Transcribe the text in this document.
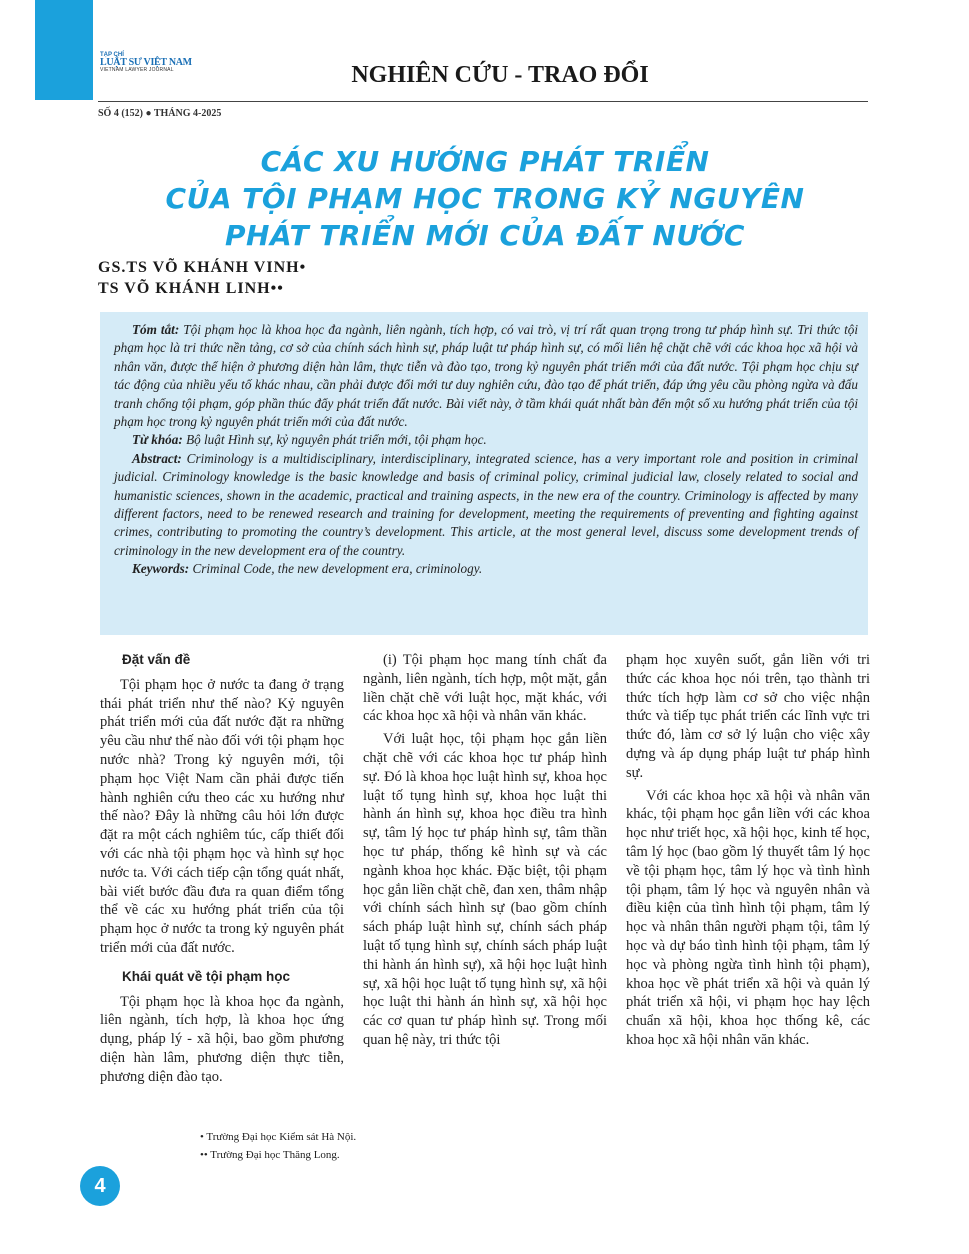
TẠP CHÍ
LUẬT SƯ VIỆT NAM
VIETNAM LAWYER JOURNAL	NGHIÊN CỨU - TRAO ĐỔI
SỐ 4 (152) ● THÁNG 4-2025
CÁC XU HƯỚNG PHÁT TRIỂN
CỦA TỘI PHẠM HỌC TRONG KỶ NGUYÊN
PHÁT TRIỂN MỚI CỦA ĐẤT NƯỚC
GS.TS VÕ KHÁNH VINH•
TS VÕ KHÁNH LINH••

Tóm tắt: Tội phạm học là khoa học đa ngành, liên ngành, tích hợp, có vai trò, vị trí rất quan trọng trong tư pháp hình sự. Tri thức tội phạm học là tri thức nền tảng, cơ sở của chính sách hình sự, pháp luật tư pháp hình sự, có mối liên hệ chặt chẽ với các khoa học xã hội và nhân văn, được thể hiện ở phương diện hàn lâm, thực tiễn và đào tạo, trong kỷ nguyên phát triển mới của đất nước. Tội phạm học chịu sự tác động của nhiều yếu tố khác nhau, cần phải được đổi mới tư duy nghiên cứu, đào tạo để phát triển, đáp ứng yêu cầu phòng ngừa và đấu tranh chống tội phạm, góp phần thúc đẩy phát triển đất nước. Bài viết này, ở tầm khái quát nhất bàn đến một số xu hướng phát triển của tội phạm học trong kỷ nguyên phát triển mới của đất nước.

Từ khóa: Bộ luật Hình sự, kỷ nguyên phát triển mới, tội phạm học.

Abstract: Criminology is a multidisciplinary, interdisciplinary, integrated science, has a very important role and position in criminal judicial. Criminology knowledge is the basic knowledge and basis of criminal policy, criminal judicial law, closely related to social and humanistic sciences, shown in the academic, practical and training aspects, in the new era of the country. Criminology is affected by many different factors, need to be renewed research and training for development, meeting the requirements of preventing and fighting against crimes, contributing to promoting the country’s development. This article, at the most general level, discuss some development trends of criminology in the new development era of the country.

Keywords: Criminal Code, the new development era, criminology.

Đặt vấn đề

Tội phạm học ở nước ta đang ở trạng thái phát triển như thế nào? Kỷ nguyên phát triển mới của đất nước đặt ra những yêu cầu như thế nào đối với tội phạm học nước nhà? Trong kỷ nguyên mới, tội phạm học Việt Nam cần phải được tiến hành nghiên cứu theo các xu hướng như thế nào? Đây là những câu hỏi lớn được đặt ra một cách nghiêm túc, cấp thiết đối với các nhà tội phạm học và hình sự học nước ta. Với cách tiếp cận tổng quát nhất, bài viết bước đầu đưa ra quan điểm tổng thể về các xu hướng phát triển của tội phạm học ở nước ta trong kỷ nguyên phát triển mới của đất nước.

Khái quát về tội phạm học

Tội phạm học là khoa học đa ngành, liên ngành, tích hợp, là khoa học ứng dụng, pháp lý - xã hội, bao gồm phương diện hàn lâm, phương diện thực tiễn, phương diện đào tạo.

(i) Tội phạm học mang tính chất đa ngành, liên ngành, tích hợp, một mặt, gắn liền chặt chẽ với luật học, mặt khác, với các khoa học xã hội và nhân văn khác.

Với luật học, tội phạm học gắn liền chặt chẽ với các khoa học tư pháp hình sự. Đó là khoa học luật hình sự, khoa học luật tố tụng hình sự, khoa học luật thi hành án hình sự, khoa học điều tra hình sự, tâm lý học tư pháp hình sự, tâm thần học tư pháp, thống kê hình sự và các ngành khoa học khác. Đặc biệt, tội phạm học gắn liền chặt chẽ, đan xen, thâm nhập với chính sách hình sự (bao gồm chính sách pháp luật hình sự, chính sách pháp luật tố tụng hình sự, chính sách pháp luật thi hành án hình sự), xã hội học luật hình sự, xã hội học luật tố tụng hình sự, xã hội học luật thi hành án hình sự, xã hội học các cơ quan tư pháp hình sự. Trong mối quan hệ này, tri thức tội

phạm học xuyên suốt, gắn liền với tri thức các khoa học nói trên, tạo thành tri thức tích hợp làm cơ sở cho việc nhận thức và tiếp tục phát triển các lĩnh vực tri thức đó, làm cơ sở lý luận cho việc xây dựng và áp dụng pháp luật tư pháp hình sự.

Với các khoa học xã hội và nhân văn khác, tội phạm học gắn liền với các khoa học như triết học, xã hội học, kinh tế học, tâm lý học (bao gồm lý thuyết tâm lý học về tội phạm học, tâm lý học và tình hình tội phạm, tâm lý học và nguyên nhân và điều kiện của tình hình tội phạm, tâm lý học và nhân thân người phạm tội, tâm lý học và dự báo tình hình tội phạm, tâm lý học và phòng ngừa tình hình tội phạm), khoa học về phát triển xã hội và quản lý phát triển xã hội, vi phạm học hay lệch chuẩn xã hội, khoa học thống kê, các khoa học xã hội nhân văn khác.

• Trường Đại học Kiểm sát Hà Nội.
•• Trường Đại học Thăng Long.
4
